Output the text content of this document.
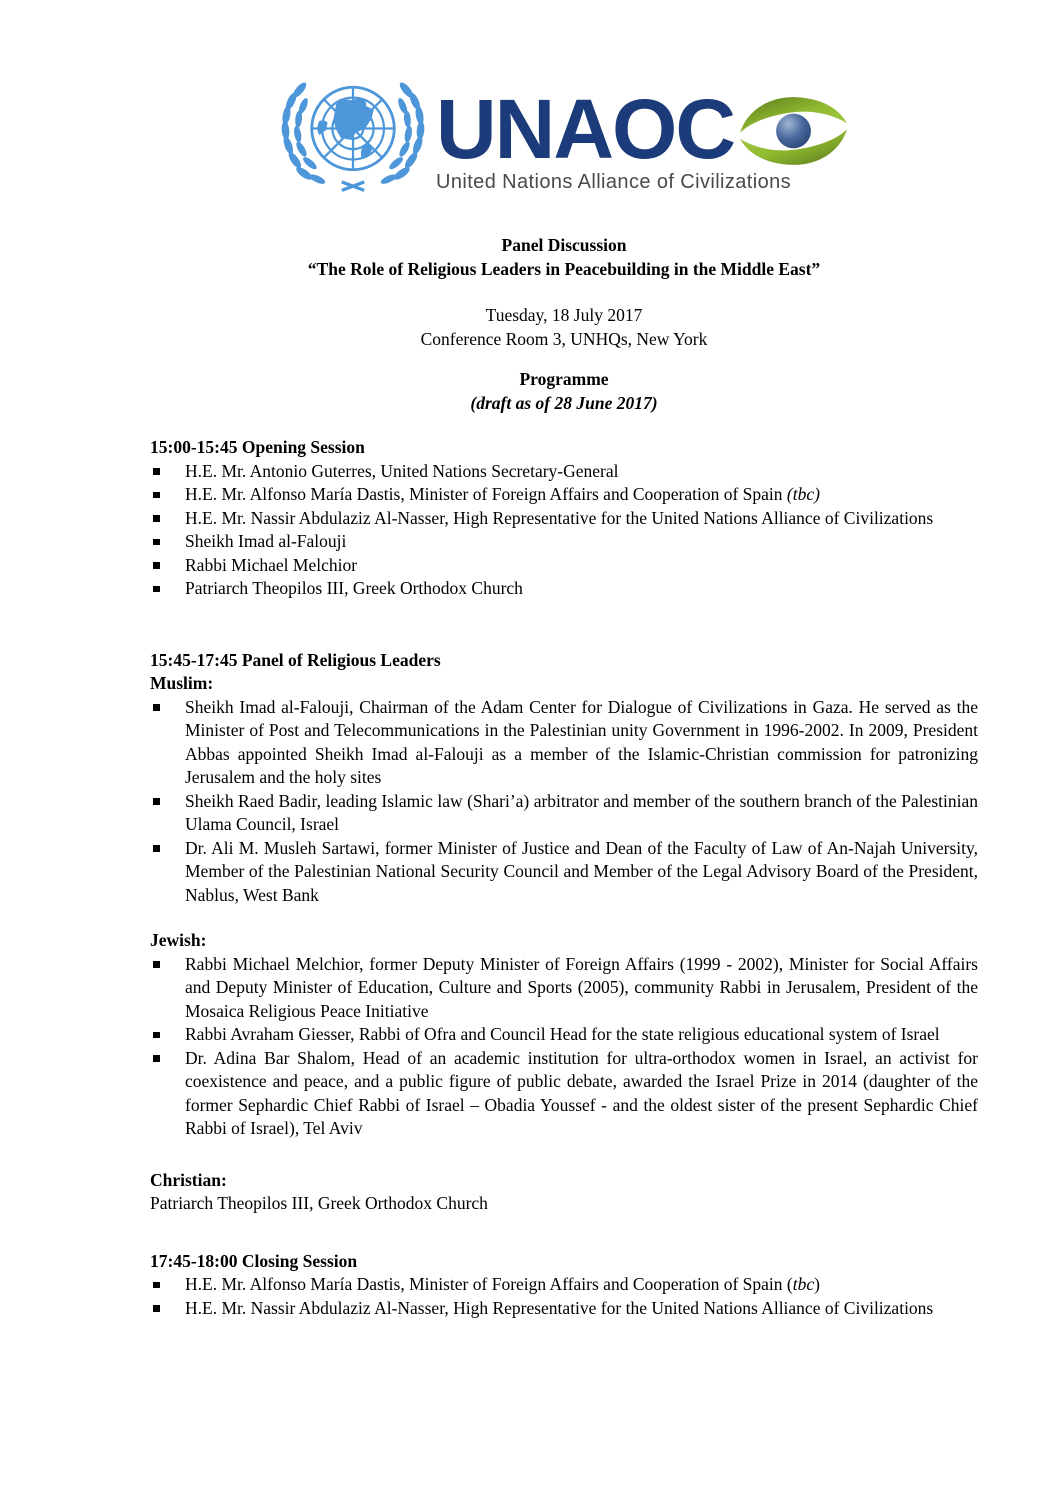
UNAOC
United Nations Alliance of Civilizations

Panel Discussion

“The Role of Religious Leaders in Peacebuilding in the Middle East”

Tuesday, 18 July 2017

Conference Room 3, UNHQs, New York

Programme

(draft as of 28 June 2017)

15:00-15:45 Opening Session
H.E. Mr. Antonio Guterres, United Nations Secretary-General
H.E. Mr. Alfonso María Dastis, Minister of Foreign Affairs and Cooperation of Spain (tbc)
H.E. Mr. Nassir Abdulaziz Al-Nasser, High Representative for the United Nations Alliance of Civilizations
Sheikh Imad al-Falouji
Rabbi Michael Melchior
Patriarch Theopilos III, Greek Orthodox Church
15:45-17:45 Panel of Religious Leaders

Muslim:

Sheikh Imad al-Falouji, Chairman of the Adam Center for Dialogue of Civilizations in Gaza. He served as the Minister of Post and Telecommunications in the Palestinian unity Government in 1996-2002. In 2009, President Abbas appointed Sheikh Imad al-Falouji as a member of the Islamic-Christian commission for patronizing Jerusalem and the holy sites
Sheikh Raed Badir, leading Islamic law (Shari’a) arbitrator and member of the southern branch of the Palestinian Ulama Council, Israel
Dr. Ali M. Musleh Sartawi, former Minister of Justice and Dean of the Faculty of Law of An-Najah University, Member of the Palestinian National Security Council and Member of the Legal Advisory Board of the President, Nablus, West Bank

Jewish:

Rabbi Michael Melchior, former Deputy Minister of Foreign Affairs (1999 - 2002), Minister for Social Affairs and Deputy Minister of Education, Culture and Sports (2005), community Rabbi in Jerusalem, President of the Mosaica Religious Peace Initiative
Rabbi Avraham Giesser, Rabbi of Ofra and Council Head for the state religious educational system of Israel
Dr. Adina Bar Shalom, Head of an academic institution for ultra-orthodox women in Israel, an activist for coexistence and peace, and a public figure of public debate, awarded the Israel Prize in 2014 (daughter of the former Sephardic Chief Rabbi of Israel – Obadia Youssef - and the oldest sister of the present Sephardic Chief Rabbi of Israel), Tel Aviv

Christian:

Patriarch Theopilos III, Greek Orthodox Church

17:45-18:00 Closing Session
H.E. Mr. Alfonso María Dastis, Minister of Foreign Affairs and Cooperation of Spain (tbc)
H.E. Mr. Nassir Abdulaziz Al-Nasser, High Representative for the United Nations Alliance of Civilizations
